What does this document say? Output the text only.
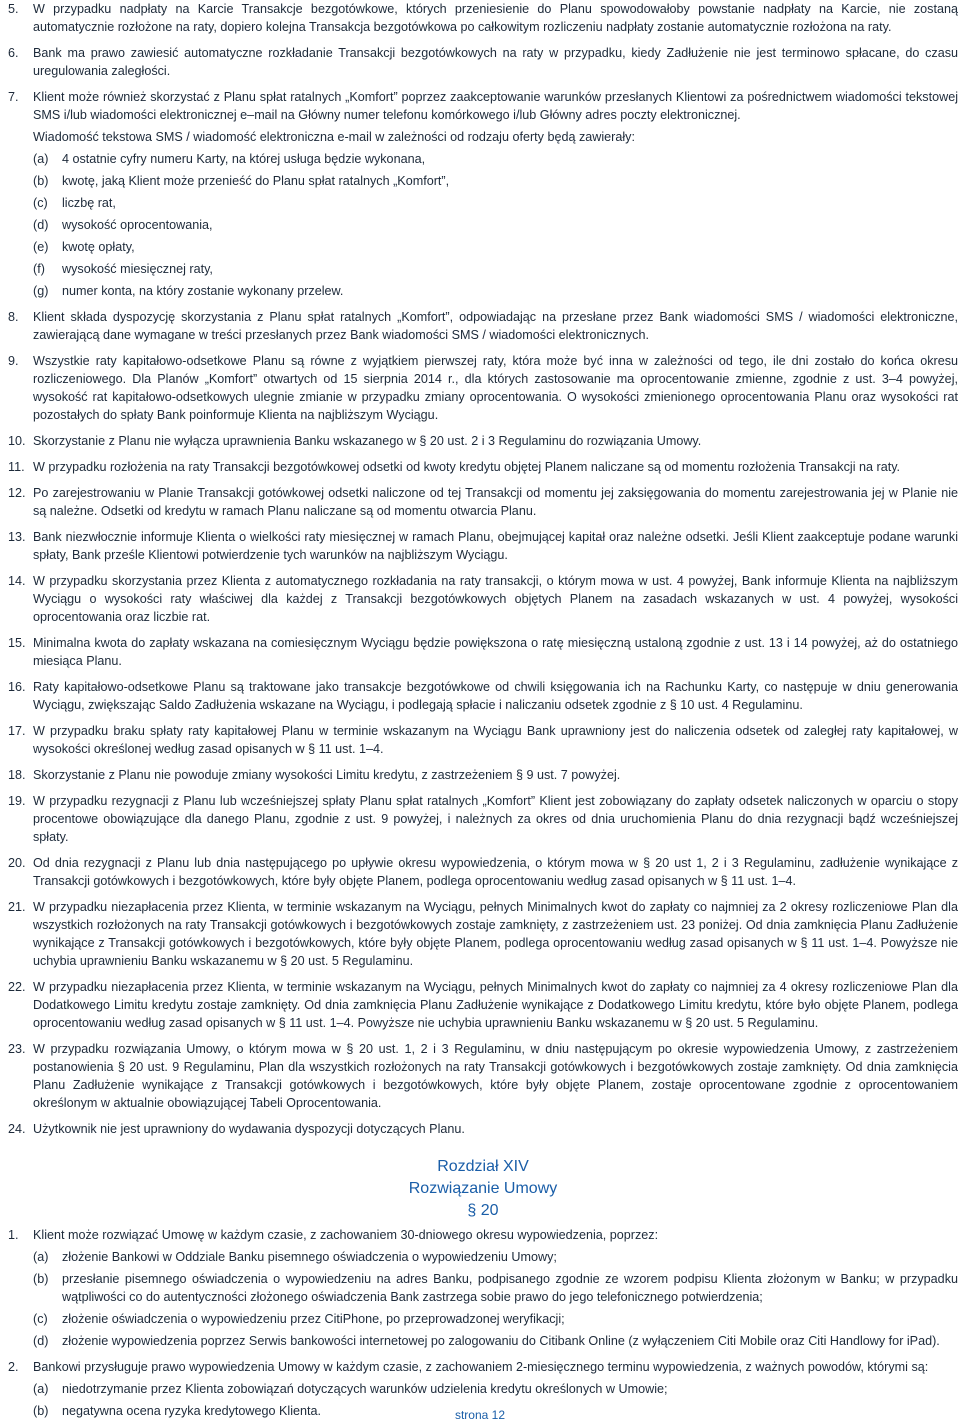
5.	W przypadku nadpłaty na Karcie Transakcje bezgotówkowe, których przeniesienie do Planu spowodowałoby powstanie nadpłaty na Karcie, nie zostaną automatycznie rozłożone na raty, dopiero kolejna Transakcja bezgotówkowa po całkowitym rozliczeniu nadpłaty zostanie automatycznie rozłożona na raty.

6.	Bank ma prawo zawiesić automatyczne rozkładanie Transakcji bezgotówkowych na raty w przypadku, kiedy Zadłużenie nie jest terminowo spłacane, do czasu uregulowania zaległości.

7.	Klient może również skorzystać z Planu spłat ratalnych „Komfort” poprzez zaakceptowanie warunków przesłanych Klientowi za pośrednictwem wiadomości tekstowej SMS i/lub wiadomości elektronicznej e–mail na Główny numer telefonu komórkowego i/lub Główny adres poczty elektronicznej.

Wiadomość tekstowa SMS / wiadomość elektroniczna e-mail w zależności od rodzaju oferty będą zawierały:

(a)	4 ostatnie cyfry numeru Karty, na której usługa będzie wykonana,
(b)	kwotę, jaką Klient może przenieść do Planu spłat ratalnych „Komfort”,
(c)	liczbę rat,
(d)	wysokość oprocentowania,
(e)	kwotę opłaty,
(f)	wysokość miesięcznej raty,
(g)	numer konta, na który zostanie wykonany przelew.
8.	Klient składa dyspozycję skorzystania z Planu spłat ratalnych „Komfort”, odpowiadając na przesłane przez Bank wiadomości SMS / wiadomości elektroniczne, zawierającą dane wymagane w treści przesłanych przez Bank wiadomości SMS / wiadomości elektronicznych.

9.	Wszystkie raty kapitałowo-odsetkowe Planu są równe z wyjątkiem pierwszej raty, która może być inna w zależności od tego, ile dni zostało do końca okresu rozliczeniowego. Dla Planów „Komfort” otwartych od 15 sierpnia 2014 r., dla których zastosowanie ma oprocentowanie zmienne, zgodnie z ust. 3–4 powyżej, wysokość rat kapitałowo-odsetkowych ulegnie zmianie w przypadku zmiany oprocentowania. O wysokości zmienionego oprocentowania Planu oraz wysokości rat pozostałych do spłaty Bank poinformuje Klienta na najbliższym Wyciągu.

10. Skorzystanie z Planu nie wyłącza uprawnienia Banku wskazanego w § 20 ust. 2 i 3 Regulaminu do rozwiązania Umowy.

11. W przypadku rozłożenia na raty Transakcji bezgotówkowej odsetki od kwoty kredytu objętej Planem naliczane są od momentu rozłożenia Transakcji na raty.

12. Po zarejestrowaniu w Planie Transakcji gotówkowej odsetki naliczone od tej Transakcji od momentu jej zaksięgowania do momentu zarejestrowania jej w Planie nie są należne. Odsetki od kredytu w ramach Planu naliczane są od momentu otwarcia Planu.

13. Bank niezwłocznie informuje Klienta o wielkości raty miesięcznej w ramach Planu, obejmującej kapitał oraz należne odsetki. Jeśli Klient zaakceptuje podane warunki spłaty, Bank prześle Klientowi potwierdzenie tych warunków na najbliższym Wyciągu.

14. W przypadku skorzystania przez Klienta z automatycznego rozkładania na raty transakcji, o którym mowa w ust. 4 powyżej, Bank informuje Klienta na najbliższym Wyciągu o wysokości raty właściwej dla każdej z Transakcji bezgotówkowych objętych Planem na zasadach wskazanych w ust. 4 powyżej, wysokości oprocentowania oraz liczbie rat.

15. Minimalna kwota do zapłaty wskazana na comiesięcznym Wyciągu będzie powiększona o ratę miesięczną ustaloną zgodnie z ust. 13 i 14 powyżej, aż do ostatniego miesiąca Planu.

16. Raty kapitałowo-odsetkowe Planu są traktowane jako transakcje bezgotówkowe od chwili księgowania ich na Rachunku Karty, co następuje w dniu generowania Wyciągu, zwiększając Saldo Zadłużenia wskazane na Wyciągu, i podlegają spłacie i naliczaniu odsetek zgodnie z § 10 ust. 4 Regulaminu.

17. W przypadku braku spłaty raty kapitałowej Planu w terminie wskazanym na Wyciągu Bank uprawniony jest do naliczenia odsetek od zaległej raty kapitałowej, w wysokości określonej według zasad opisanych w § 11 ust. 1–4.

18. Skorzystanie z Planu nie powoduje zmiany wysokości Limitu kredytu, z zastrzeżeniem § 9 ust. 7 powyżej.

19. W przypadku rezygnacji z Planu lub wcześniejszej spłaty Planu spłat ratalnych „Komfort” Klient jest zobowiązany do zapłaty odsetek naliczonych w oparciu o stopy procentowe obowiązujące dla danego Planu, zgodnie z ust. 9 powyżej, i należnych za okres od dnia uruchomienia Planu do dnia rezygnacji bądź wcześniejszej spłaty.

20. Od dnia rezygnacji z Planu lub dnia następującego po upływie okresu wypowiedzenia, o którym mowa w § 20 ust 1, 2 i 3 Regulaminu, zadłużenie wynikające z Transakcji gotówkowych i bezgotówkowych, które były objęte Planem, podlega oprocentowaniu według zasad opisanych w § 11 ust. 1–4.

21. W przypadku niezapłacenia przez Klienta, w terminie wskazanym na Wyciągu, pełnych Minimalnych kwot do zapłaty co najmniej za 2 okresy rozliczeniowe Plan dla wszystkich rozłożonych na raty Transakcji gotówkowych i bezgotówkowych zostaje zamknięty, z zastrzeżeniem ust. 23 poniżej. Od dnia zamknięcia Planu Zadłużenie wynikające z Transakcji gotówkowych i bezgotówkowych, które były objęte Planem, podlega oprocentowaniu według zasad opisanych w § 11 ust. 1–4. Powyższe nie uchybia uprawnieniu Banku wskazanemu w § 20 ust. 5 Regulaminu.

22. W przypadku niezapłacenia przez Klienta, w terminie wskazanym na Wyciągu, pełnych Minimalnych kwot do zapłaty co najmniej za 4 okresy rozliczeniowe Plan dla Dodatkowego Limitu kredytu zostaje zamknięty. Od dnia zamknięcia Planu Zadłużenie wynikające z Dodatkowego Limitu kredytu, które było objęte Planem, podlega oprocentowaniu według zasad opisanych w § 11 ust. 1–4. Powyższe nie uchybia uprawnieniu Banku wskazanemu w § 20 ust. 5 Regulaminu.

23. W przypadku rozwiązania Umowy, o którym mowa w § 20 ust. 1, 2 i 3 Regulaminu, w dniu następującym po okresie wypowiedzenia Umowy, z zastrzeżeniem postanowienia § 20 ust. 9 Regulaminu, Plan dla wszystkich rozłożonych na raty Transakcji gotówkowych i bezgotówkowych zostaje zamknięty. Od dnia zamknięcia Planu Zadłużenie wynikające z Transakcji gotówkowych i bezgotówkowych, które były objęte Planem, zostaje oprocentowane zgodnie z oprocentowaniem określonym w aktualnie obowiązującej Tabeli Oprocentowania.

24. Użytkownik nie jest uprawniony do wydawania dyspozycji dotyczących Planu.

Rozdział XIV
Rozwiązanie Umowy
§ 20
1.	Klient może rozwiązać Umowę w każdym czasie, z zachowaniem 30-dniowego okresu wypowiedzenia, poprzez:

(a)	złożenie Bankowi w Oddziale Banku pisemnego oświadczenia o wypowiedzeniu Umowy;
(b)	przesłanie pisemnego oświadczenia o wypowiedzeniu na adres Banku, podpisanego zgodnie ze wzorem podpisu Klienta złożonym w Banku; w przypadku wątpliwości co do autentyczności złożonego oświadczenia Bank zastrzega sobie prawo do jego telefonicznego potwierdzenia;
(c)	złożenie oświadczenia o wypowiedzeniu przez CitiPhone, po przeprowadzonej weryfikacji;
(d)	złożenie wypowiedzenia poprzez Serwis bankowości internetowej po zalogowaniu do Citibank Online (z wyłączeniem Citi Mobile oraz Citi Handlowy for iPad).
2.	Bankowi przysługuje prawo wypowiedzenia Umowy w każdym czasie, z zachowaniem 2-miesięcznego terminu wypowiedzenia, z ważnych powodów, którymi są:

(a)	niedotrzymanie przez Klienta zobowiązań dotyczących warunków udzielenia kredytu określonych w Umowie;
(b)	negatywna ocena ryzyka kredytowego Klienta.	strona 12
